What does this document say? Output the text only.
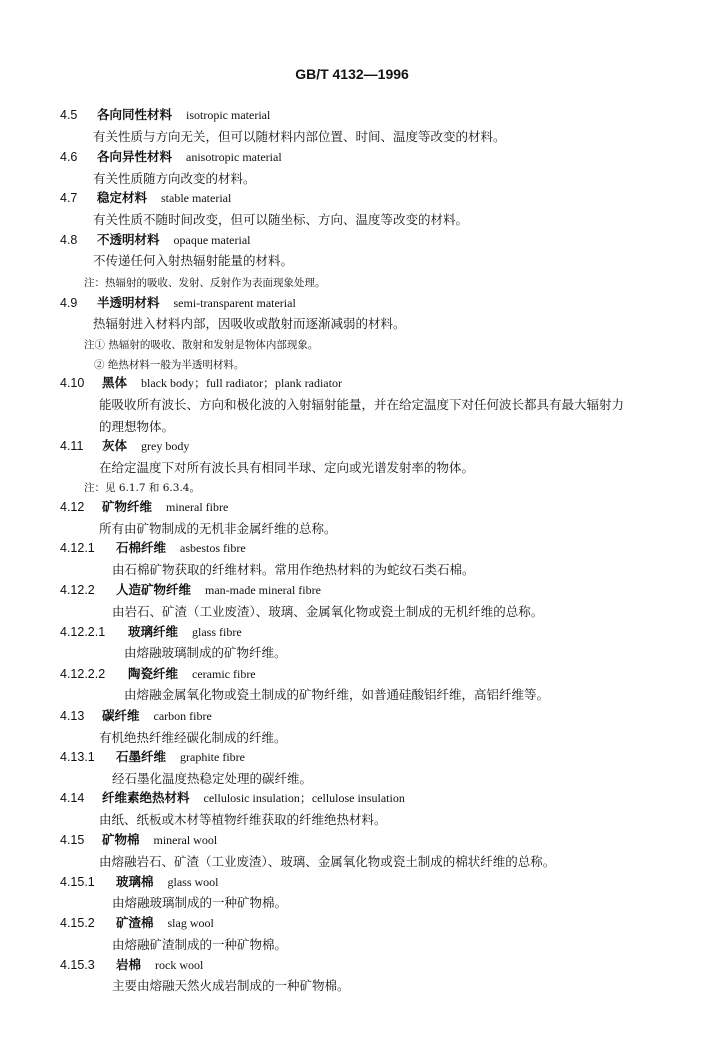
GB/T 4132—1996
4.5 各向同性材料 isotropic material
有关性质与方向无关，但可以随材料内部位置、时间、温度等改变的材料。
4.6 各向异性材料 anisotropic material
有关性质随方向改变的材料。
4.7 稳定材料 stable material
有关性质不随时间改变，但可以随坐标、方向、温度等改变的材料。
4.8 不透明材料 opaque material
不传递任何入射热辐射能量的材料。
注：热辐射的吸收、发射、反射作为表面现象处理。
4.9 半透明材料 semi-transparent material
热辐射进入材料内部，因吸收或散射而逐渐减弱的材料。
注① 热辐射的吸收、散射和发射是物体内部现象。
② 绝热材料一般为半透明材料。
4.10 黑体 black body；full radiator；plank radiator
能吸收所有波长、方向和极化波的入射辐射能量，并在给定温度下对任何波长都具有最大辐射力
的理想物体。
4.11 灰体 grey body
在给定温度下对所有波长具有相同半球、定向或光谱发射率的物体。
注：见 6.1.7 和 6.3.4。
4.12 矿物纤维 mineral fibre
所有由矿物制成的无机非金属纤维的总称。
4.12.1 石棉纤维 asbestos fibre
由石棉矿物获取的纤维材料。常用作绝热材料的为蛇纹石类石棉。
4.12.2 人造矿物纤维 man-made mineral fibre
由岩石、矿渣（工业废渣）、玻璃、金属氧化物或瓷土制成的无机纤维的总称。
4.12.2.1 玻璃纤维 glass fibre
由熔融玻璃制成的矿物纤维。
4.12.2.2 陶瓷纤维 ceramic fibre
由熔融金属氧化物或瓷土制成的矿物纤维，如普通硅酸铝纤维，高铝纤维等。
4.13 碳纤维 carbon fibre
有机绝热纤维经碳化制成的纤维。
4.13.1 石墨纤维 graphite fibre
经石墨化温度热稳定处理的碳纤维。
4.14 纤维素绝热材料 cellulosic insulation；cellulose insulation
由纸、纸板或木材等植物纤维获取的纤维绝热材料。
4.15 矿物棉 mineral wool
由熔融岩石、矿渣（工业废渣）、玻璃、金属氧化物或瓷土制成的棉状纤维的总称。
4.15.1 玻璃棉 glass wool
由熔融玻璃制成的一种矿物棉。
4.15.2 矿渣棉 slag wool
由熔融矿渣制成的一种矿物棉。
4.15.3 岩棉 rock wool
主要由熔融天然火成岩制成的一种矿物棉。
